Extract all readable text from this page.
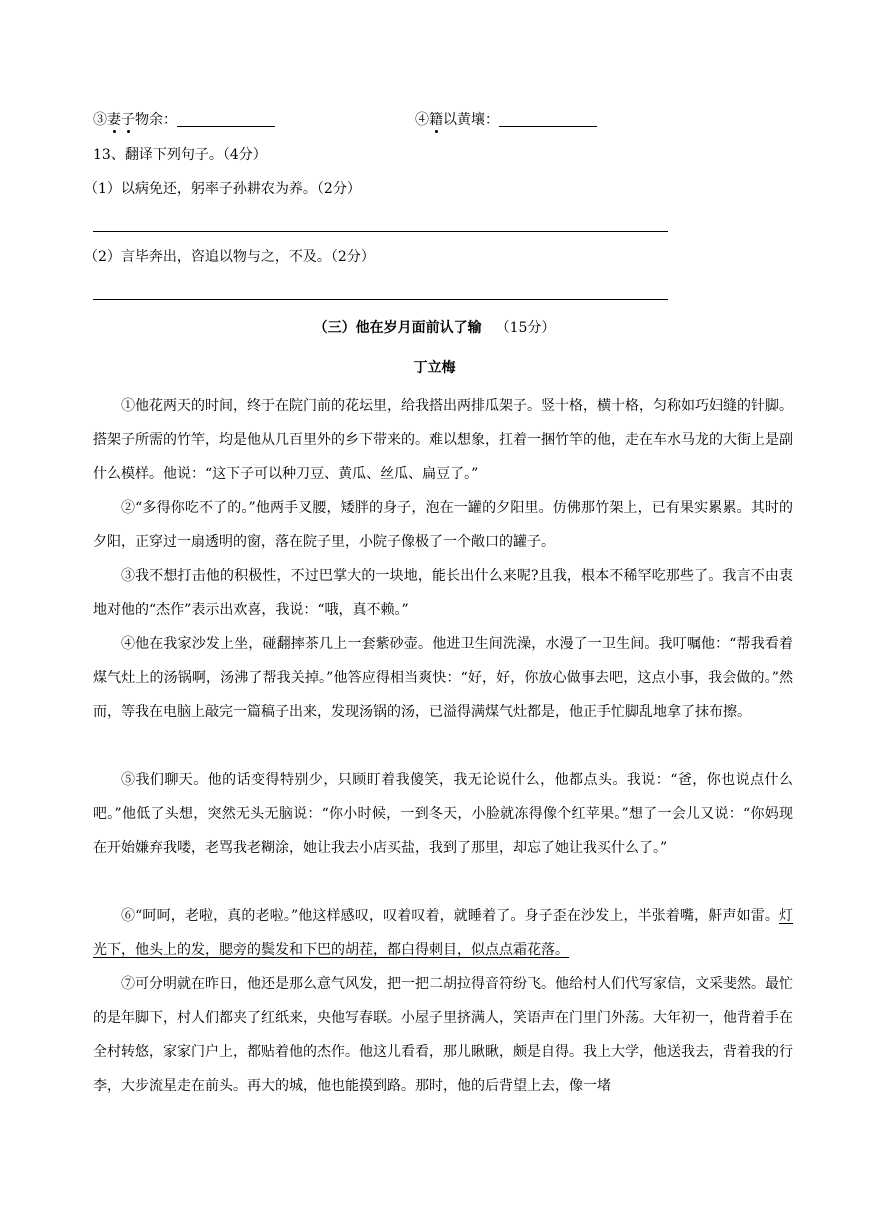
③妻子物余：	④籍以黄壤：
13、翻译下列句子。（4分）
（1）以病免还，躬率子孙耕农为养。（2分）
（2）言毕奔出，咨追以物与之，不及。（2分）
（三）他在岁月面前认了输 （15分）
丁立梅
①他花两天的时间，终于在院门前的花坛里，给我搭出两排瓜架子。竖十格，横十格，匀称如巧妇缝的针脚。搭架子所需的竹竿，均是他从几百里外的乡下带来的。难以想象，扛着一捆竹竿的他，走在车水马龙的大街上是副什么模样。他说：“这下子可以种刀豆、黄瓜、丝瓜、扁豆了。”
②“多得你吃不了的。”他两手叉腰，矮胖的身子，泡在一罐的夕阳里。仿佛那竹架上，已有果实累累。其时的夕阳，正穿过一扇透明的窗，落在院子里，小院子像极了一个敞口的罐子。
③我不想打击他的积极性，不过巴掌大的一块地，能长出什么来呢?且我，根本不稀罕吃那些了。我言不由衷地对他的“杰作”表示出欢喜，我说：“哦，真不赖。”
④他在我家沙发上坐，碰翻摔茶几上一套紫砂壶。他进卫生间洗澡，水漫了一卫生间。我叮嘱他：“帮我看着煤气灶上的汤锅啊，汤沸了帮我关掉。”他答应得相当爽快：“好，好，你放心做事去吧，这点小事，我会做的。”然而，等我在电脑上敲完一篇稿子出来，发现汤锅的汤，已溢得满煤气灶都是，他正手忙脚乱地拿了抹布擦。
⑤我们聊天。他的话变得特别少，只顾盯着我傻笑，我无论说什么，他都点头。我说：“爸，你也说点什么吧。”他低了头想，突然无头无脑说：“你小时候，一到冬天，小脸就冻得像个红苹果。”想了一会儿又说：“你妈现在开始嫌弃我喽，老骂我老糊涂，她让我去小店买盐，我到了那里，却忘了她让我买什么了。”
⑥“呵呵，老啦，真的老啦。”他这样感叹，叹着叹着，就睡着了。身子歪在沙发上，半张着嘴，鼾声如雷。灯光下，他头上的发，腮旁的鬓发和下巴的胡茬，都白得刺目，似点点霜花落。
⑦可分明就在昨日，他还是那么意气风发，把一把二胡拉得音符纷飞。他给村人们代写家信，文采斐然。最忙的是年脚下，村人们都夹了红纸来，央他写春联。小屋子里挤满人，笑语声在门里门外荡。大年初一，他背着手在全村转悠，家家门户上，都贴着他的杰作。他这儿看看，那儿瞅瞅，颇是自得。我上大学，他送我去，背着我的行李，大步流星走在前头。再大的城，他也能摸到路。那时，他的后背望上去，像一堵
